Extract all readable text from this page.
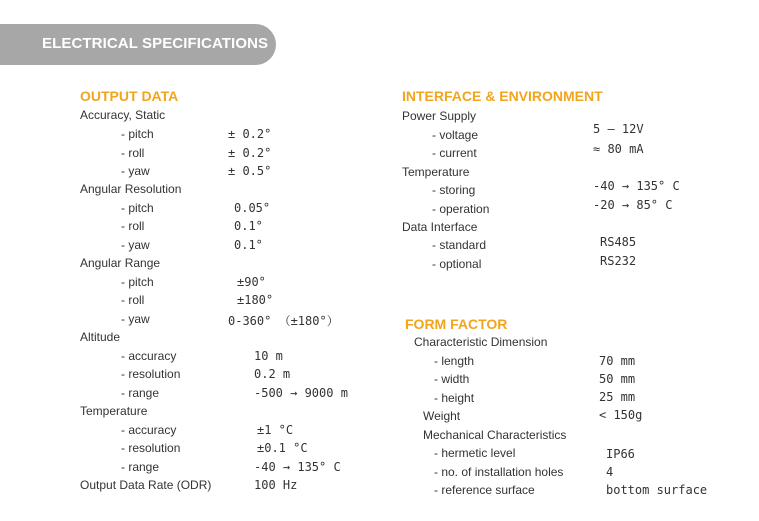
ELECTRICAL SPECIFICATIONS
OUTPUT DATA
Accuracy, Static
- pitch	± 0.2°
- roll	± 0.2°
- yaw	± 0.5°
Angular Resolution
- pitch	0.05°
- roll	0.1°
- yaw	0.1°
Angular Range
- pitch	±90°
- roll	±180°
- yaw	0-360° （±180°）
Altitude
- accuracy	10 m
- resolution	0.2 m
- range	-500 → 9000 m
Temperature
- accuracy	±1 °C
- resolution	±0.1 °C
- range	-40 → 135° C
Output Data Rate (ODR)	100 Hz
INTERFACE & ENVIRONMENT
Power Supply
- voltage	5 – 12V
- current	≈ 80 mA
Temperature
- storing	-40 → 135° C
- operation	-20 → 85° C
Data Interface
- standard	RS485
- optional	RS232
FORM FACTOR
Characteristic Dimension
- length	70 mm
- width	50 mm
- height	25 mm
Weight	< 150g
Mechanical Characteristics
- hermetic level	IP66
- no. of installation holes	4
- reference surface	bottom surface
